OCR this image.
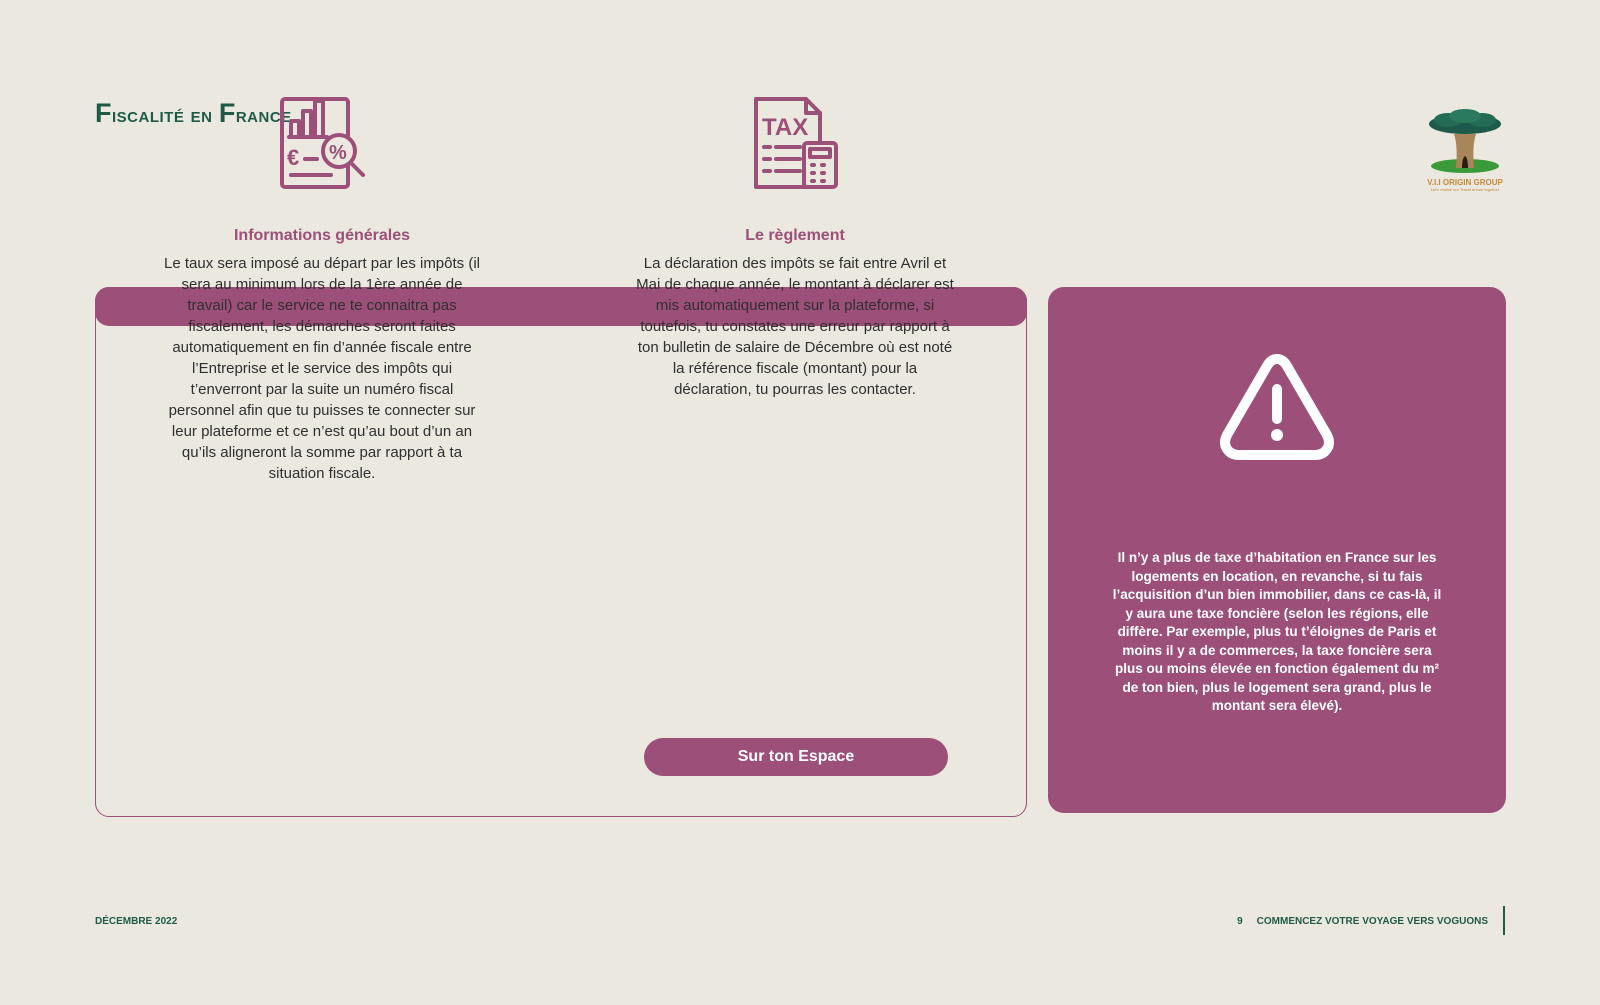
Fiscalité en France
V.I.I ORIGIN GROUP
Let's realise our Travel dream together
€ %
Informations générales

Le taux sera imposé au départ par les impôts (il sera au minimum lors de la 1ère année de travail) car le service ne te connaitra pas fiscalement, les démarches seront faites automatiquement en fin d’année fiscale entre l’Entreprise et le service des impôts qui t’enverront par la suite un numéro fiscal personnel afin que tu puisses te connecter sur leur plateforme et ce n’est qu’au bout d’un an qu’ils aligneront la somme par rapport à ta situation fiscale.

TAX
Le règlement

La déclaration des impôts se fait entre Avril et Mai de chaque année, le montant à déclarer est mis automatiquement sur la plateforme, si toutefois, tu constates une erreur par rapport à ton bulletin de salaire de Décembre où est noté la référence fiscale (montant) pour la déclaration, tu pourras les contacter.

Sur ton Espace

Il n’y a plus de taxe d’habitation en France sur les logements en location, en revanche, si tu fais l’acquisition d’un bien immobilier, dans ce cas-là, il y aura une taxe foncière (selon les régions, elle diffère. Par exemple, plus tu t’éloignes de Paris et moins il y a de commerces, la taxe foncière sera plus ou moins élevée en fonction également du m² de ton bien, plus le logement sera grand, plus le montant sera élevé).

DÉCEMBRE 2022	9 COMMENCEZ VOTRE VOYAGE VERS VOGUONS
